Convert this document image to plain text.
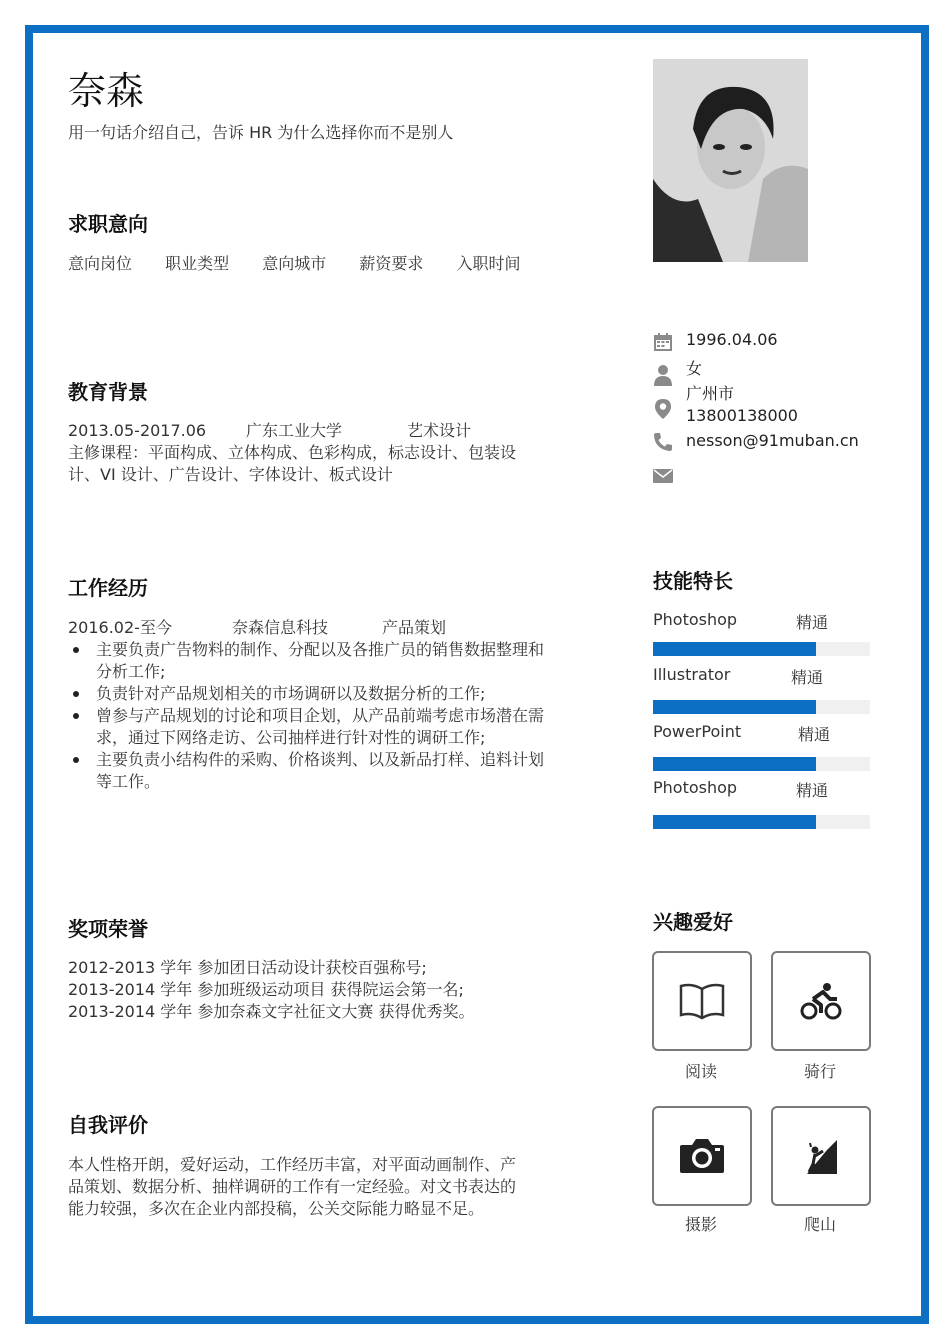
奈森
用一句话介绍自己，告诉 HR 为什么选择你而不是别人
求职意向
意向岗位 职业类型 意向城市 薪资要求 入职时间
教育背景
2013.05-2017.06 广东工业大学	艺术设计
主修课程：平面构成、立体构成、色彩构成，标志设计、包装设
计、VI 设计、广告设计、字体设计、板式设计
工作经历
2016.02-至今	奈森信息科技	产品策划
主要负责广告物料的制作、分配以及各推广员的销售数据整理和分析工作;
负责针对产品规划相关的市场调研以及数据分析的工作;
曾参与产品规划的讨论和项目企划，从产品前端考虑市场潜在需求，通过下网络走访、公司抽样进行针对性的调研工作;
主要负责小结构件的采购、价格谈判、以及新品打样、追料计划等工作。
奖项荣誉
2012-2013 学年 参加团日活动设计获校百强称号;
2013-2014 学年 参加班级运动项目 获得院运会第一名;
2013-2014 学年 参加奈森文字社征文大赛 获得优秀奖。
自我评价
本人性格开朗，爱好运动，工作经历丰富，对平面动画制作、产
品策划、数据分析、抽样调研的工作有一定经验。对文书表达的
能力较强，多次在企业内部投稿，公关交际能力略显不足。
1996.04.06
女
广州市
13800138000
nesson@91muban.cn
技能特长
Photoshop	精通
Illustrator	精通
PowerPoint	精通
Photoshop	精通
兴趣爱好
阅读	骑行
摄影	爬山
